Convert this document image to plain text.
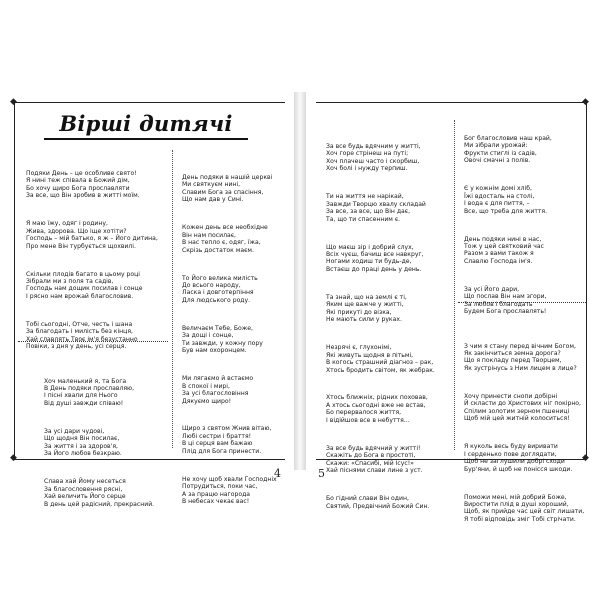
◆
◆
Вірші дитячі

Подяки День – це особливе свято!
Я нині теж співала в Божий дім,
Бо хочу щиро Бога прославляти
За все, що Він зробив в житті моїм.

Я маю їжу, одяг і родину,
Жива, здорова. Що іще хотіти?
Господь – мій батько, я ж – Його дитина,
Про мене Він турбується щохвилі.

Скільки плодів багато в цьому році
Зібрали ми з поля та садів,
Господь нам дощик посилав і сонце
І рясно нам врожай благословив.

Тобі сьогодні, Отче, честь і шана
За благодать і милість без кінця,
Хай славлять Твоє ім'я безустанно
Повіки, з дня у день, усі серця.

Хоч маленький я, та Бога
В День подяки прославляю,
І пісні хвали для Нього
Від душі завжди співаю!

За усі дари чудові,
Що щодня Він посилає,
За життя і за здоров'я,
За Його любов безкраю.

Слава хай Йому несеться
За благословення рясні,
Хай величить Його серце
В день цей радісний, прекрасний.

День подяки в нашій церкві
Ми святкуєм нині,
Славим Бога за спасіння,
Що нам дав у Сині.

Кожен день все необхідне
Він нам посилає,
В нас тепло є, одяг, їжа,
Скрізь достаток маєм.

То Його велика милість
До всього народу,
Ласка і довготерпіння
Для людського роду.

Величаєм Тебе, Боже,
За дощі і сонце,
Ти завжди, у кожну пору
Був нам охоронцем.

Ми лягаємо й встаємо
В спокої і мирі,
За усі благословіння
Дякуємо щиро!

Щиро з святом Жнив вітаю,
Любі сестри і браття!
В ці серця вам бажаю
Плід для Бога принести.

Не хочу щоб хвали Господніх
Потрудиться, поки час,
А за працю нагорода
В небесах чекає вас!

4
◆
◆

За все будь вдячним у житті,
Хоч горе стрінеш на путі;
Хоч плачеш часто і скорбиш,
Хоч болі і нужду терпиш.

Ти на життя не нарікай,
Завжди Творцю хвалу складай
За все, за все, що Він дає,
Та, що ти спасенним є.

Що маєш зір і добрий слух,
Всіх чуєш, бачиш все навкруг,
Ногами ходиш ти будь-де,
Встаєш до праці день у день.

Та знай, що на землі є ті,
Яким ще важче у житті,
Які прикуті до візка,
Не мають сили у руках.

Незрячі є, глухонімі,
Які живуть щодня в пітьмі,
В когось страшний діагноз – рак,
Хтось бродить світом, як жебрак.

Хтось ближніх, рідних поховав,
А хтось сьогодні вже не встав,
Бо перервалося життя,
І відійшов все в небуття…

За все будь вдячний у житті!
Скажіть до Бога в простоті,
Скажи: «Спасибі, мій Ісус!»
Хай піснями слави лине з уст.

Бо гідний слави Він один,
Святий, Предвічний Божий Син.

Бог благословив наш край,
Ми зібрали урожай:
Фрукти стиглі із садів,
Овочі смачні з полів.

Є у кожнім домі хліб,
Їжі вдосталь на столі,
І вода є для пиття, –
Все, що треба для життя.

День подяки нині в нас,
Тож у цей святковий час
Разом з вами також я
Славлю Господа ім'я.

За усі Його дари,
Що послав Він нам згори,
За любов і благодать
Будем Бога прославлять!

З чим я стану перед вічним Богом,
Як закінчиться земна дорога?
Що я покладу перед Творцем,
Як зустрінусь з Ним лицем в лице?

Хочу принести снопи добірні
Й скласти до Христових ніг покірно,
Спілим золотим зерном пшениці
Щоб мій цей житній колоситься!

Я куколь весь буду виривати
І серденько пове доглядати,
Щоб не заглушили добрі сходи
Бур'яни, й щоб не понісся шкоди.

Поможи мені, мій добрий Боже,
Виростити плід в душі хороший,
Щоб, як прийде час цей світ лишати,
Я тобі відповідь зміг Тобі стрічати.

5
